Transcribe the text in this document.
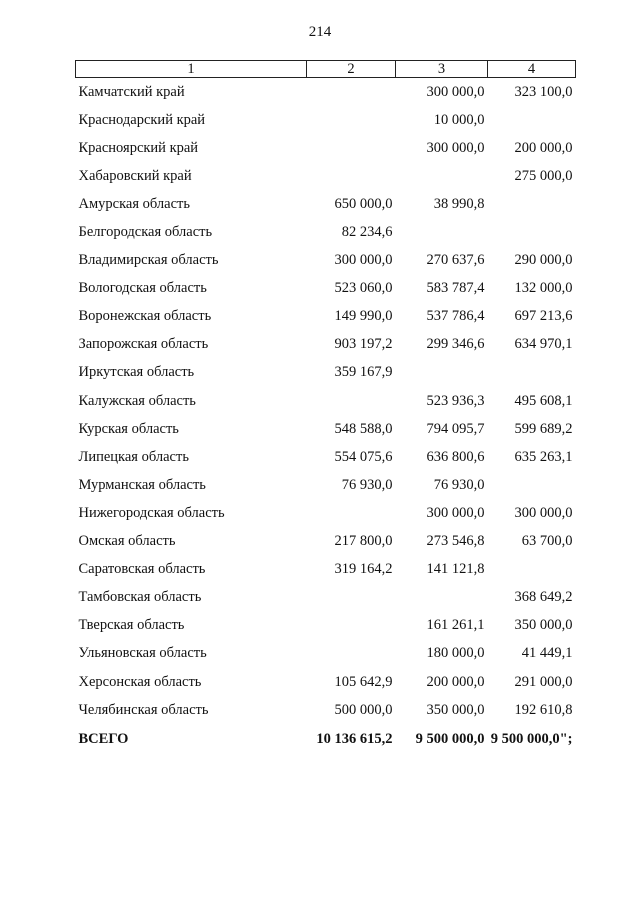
214
1	2	3	4
Камчатский край		300 000,0	323 100,0
Краснодарский край		10 000,0	
Красноярский край		300 000,0	200 000,0
Хабаровский край			275 000,0
Амурская область	650 000,0	38 990,8	
Белгородская область	82 234,6		
Владимирская область	300 000,0	270 637,6	290 000,0
Вологодская область	523 060,0	583 787,4	132 000,0
Воронежская область	149 990,0	537 786,4	697 213,6
Запорожская область	903 197,2	299 346,6	634 970,1
Иркутская область	359 167,9		
Калужская область		523 936,3	495 608,1
Курская область	548 588,0	794 095,7	599 689,2
Липецкая область	554 075,6	636 800,6	635 263,1
Мурманская область	76 930,0	76 930,0	
Нижегородская область		300 000,0	300 000,0
Омская область	217 800,0	273 546,8	63 700,0
Саратовская область	319 164,2	141 121,8	
Тамбовская область			368 649,2
Тверская область		161 261,1	350 000,0
Ульяновская область		180 000,0	41 449,1
Херсонская область	105 642,9	200 000,0	291 000,0
Челябинская область	500 000,0	350 000,0	192 610,8
ВСЕГО	10 136 615,2	9 500 000,0	9 500 000,0";
